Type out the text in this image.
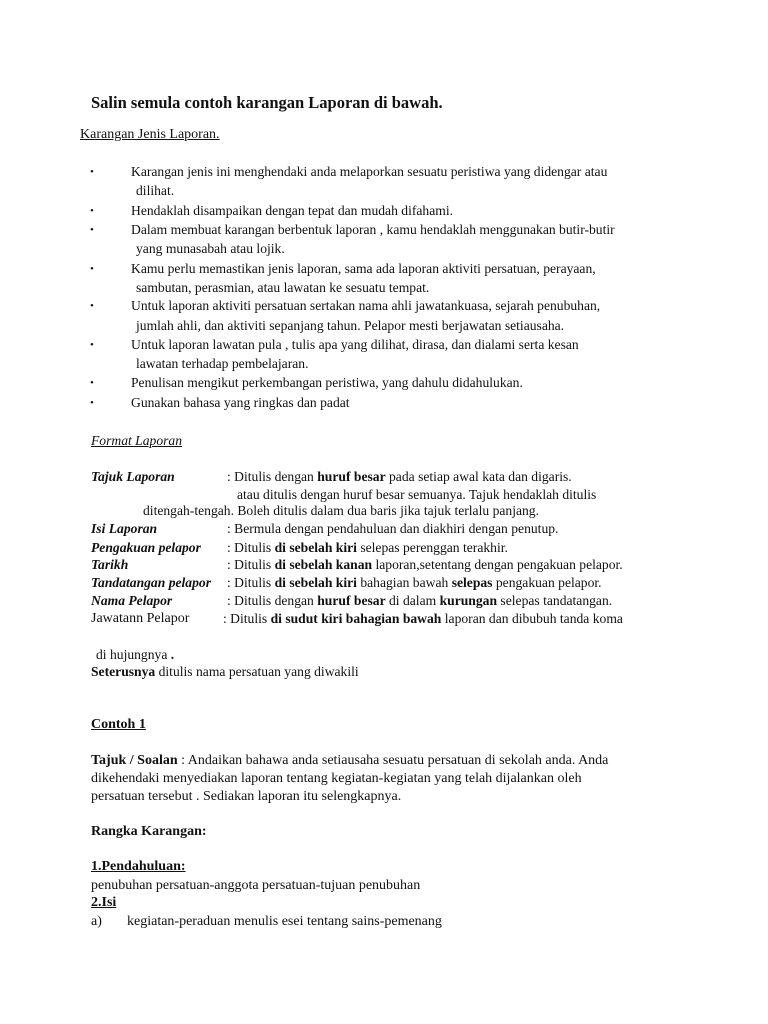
Salin semula contoh karangan Laporan di bawah.
Karangan Jenis Laporan.
•	Karangan jenis ini menghendaki anda melaporkan sesuatu peristiwa yang didengar atau
dilihat.
•	Hendaklah disampaikan dengan tepat dan mudah difahami.
•	Dalam membuat karangan berbentuk laporan , kamu hendaklah menggunakan butir-butir
yang munasabah atau lojik.
•	Kamu perlu memastikan jenis laporan, sama ada laporan aktiviti persatuan, perayaan,
sambutan, perasmian, atau lawatan ke sesuatu tempat.
•	Untuk laporan aktiviti persatuan sertakan nama ahli jawatankuasa, sejarah penubuhan,
jumlah ahli, dan aktiviti sepanjang tahun. Pelapor mesti berjawatan setiausaha.
•	Untuk laporan lawatan pula , tulis apa yang dilihat, dirasa, dan dialami serta kesan
lawatan terhadap pembelajaran.
•	Penulisan mengikut perkembangan peristiwa, yang dahulu didahulukan.
•	Gunakan bahasa yang ringkas dan padat
Format Laporan
Tajuk Laporan	: Ditulis dengan huruf besar pada setiap awal kata dan digaris.
atau ditulis dengan huruf besar semuanya. Tajuk hendaklah ditulis
ditengah-tengah. Boleh ditulis dalam dua baris jika tajuk terlalu panjang.
Isi Laporan	: Bermula dengan pendahuluan dan diakhiri dengan penutup.
Pengakuan pelapor : Ditulis di sebelah kiri selepas perenggan terakhir.
Tarikh	: Ditulis di sebelah kanan laporan,setentang dengan pengakuan pelapor.
Tandatangan pelapor : Ditulis di sebelah kiri bahagian bawah selepas pengakuan pelapor.
Nama Pelapor	: Ditulis dengan huruf besar di dalam kurungan selepas tandatangan.
Jawatann Pelapor : Ditulis di sudut kiri bahagian bawah laporan dan dibubuh tanda koma
di hujungnya .
Seterusnya ditulis nama persatuan yang diwakili
Contoh 1
Tajuk / Soalan : Andaikan bahawa anda setiausaha sesuatu persatuan di sekolah anda. Anda
dikehendaki menyediakan laporan tentang kegiatan-kegiatan yang telah dijalankan oleh
persatuan tersebut . Sediakan laporan itu selengkapnya.
Rangka Karangan:
1.Pendahuluan:
penubuhan persatuan-anggota persatuan-tujuan penubuhan
2.Isi
a) kegiatan-peraduan menulis esei tentang sains-pemenang
